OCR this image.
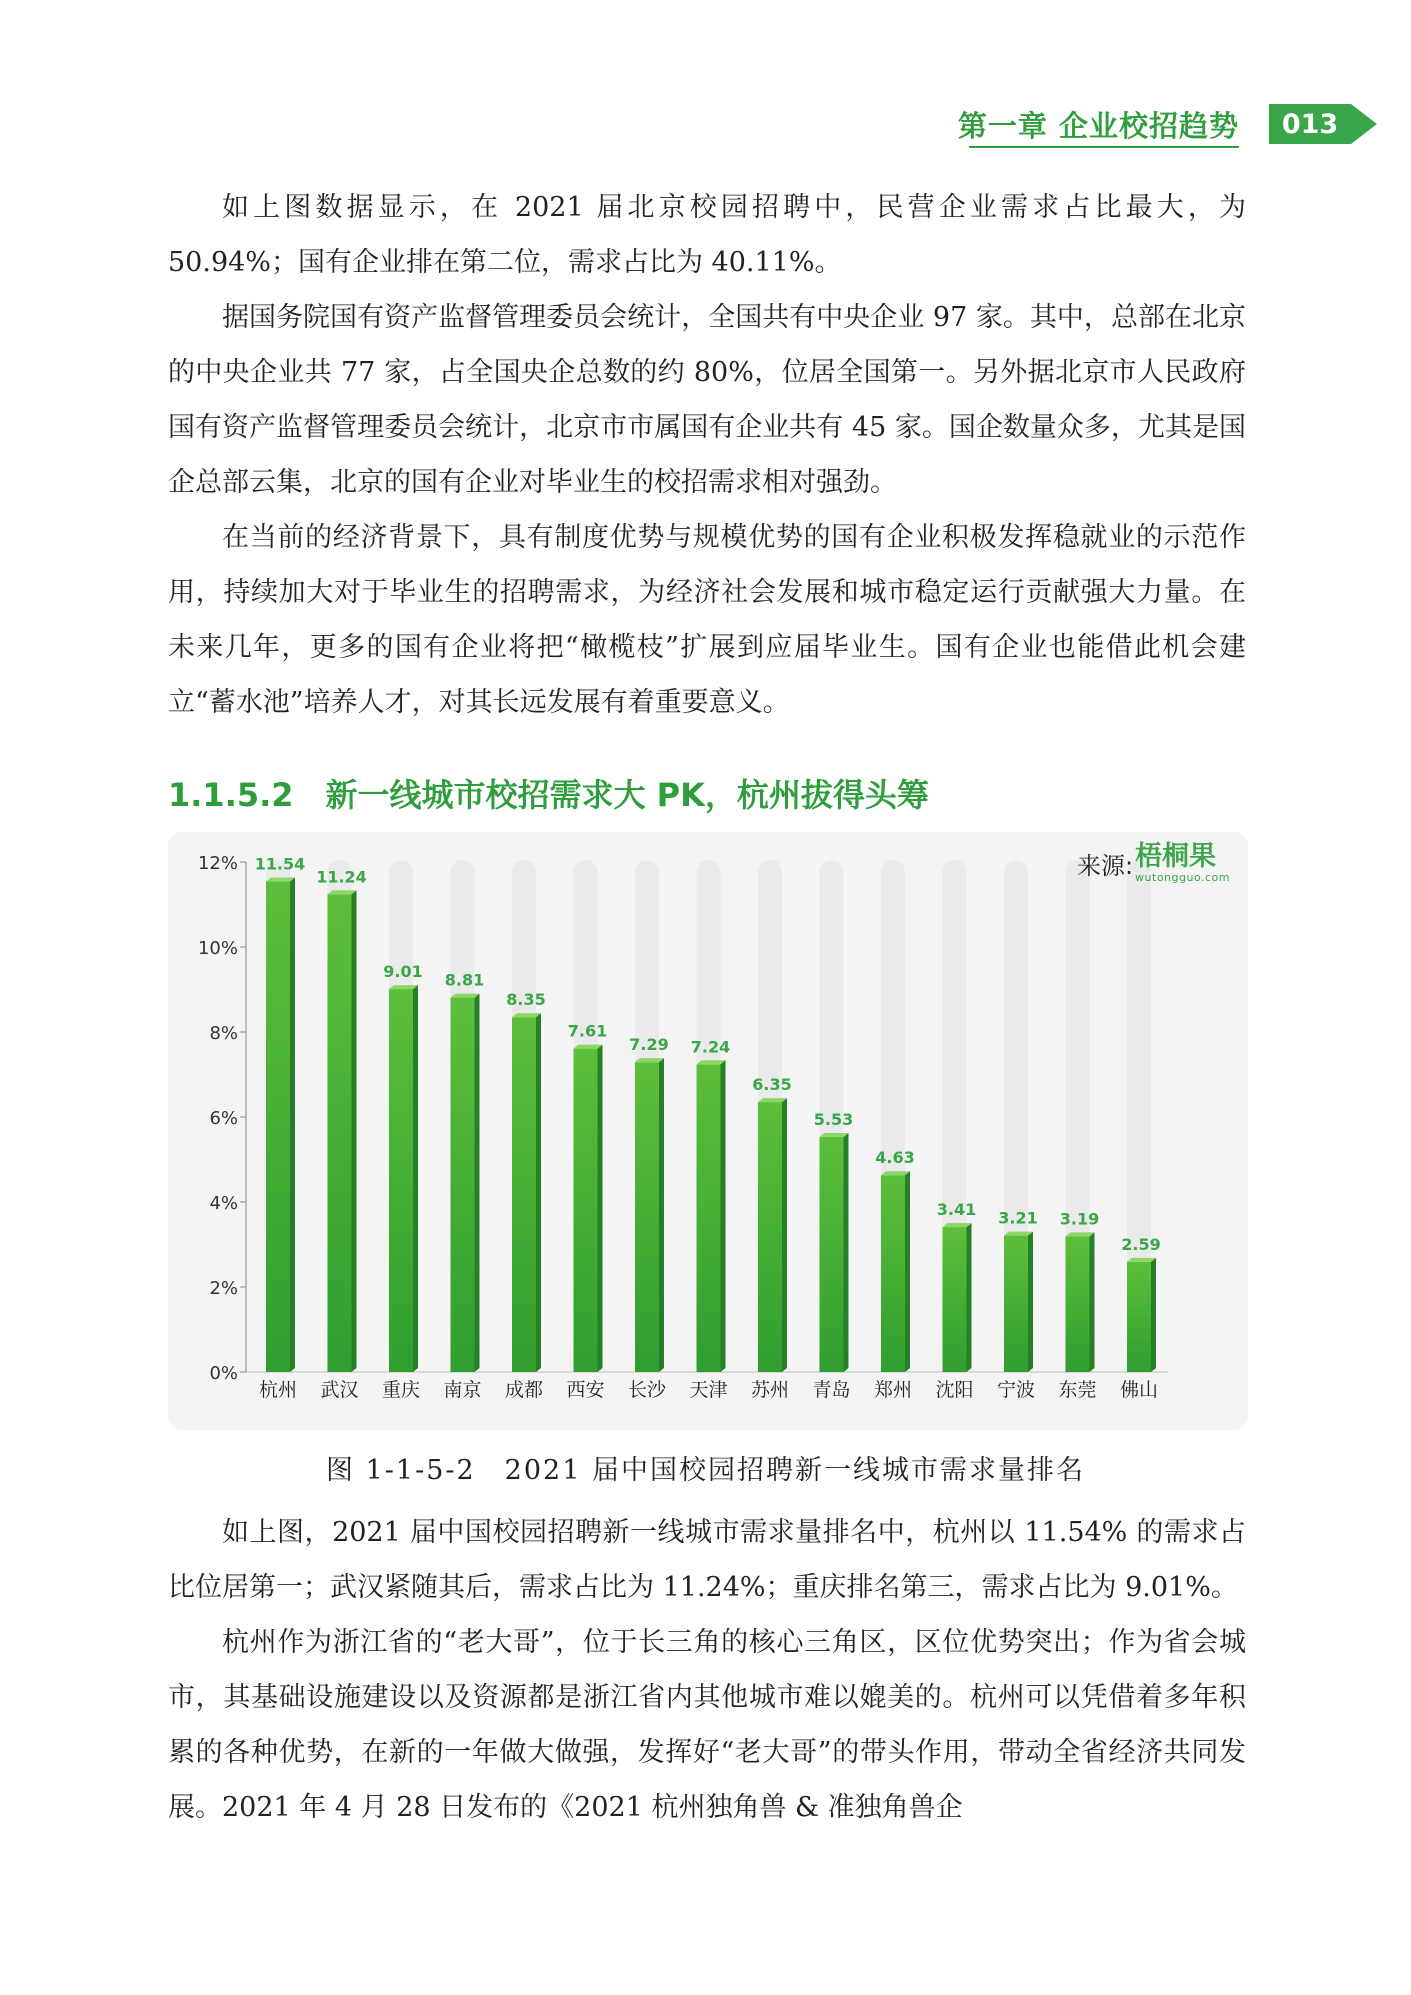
第一章 企业校招趋势	013

如上图数据显示，在 2021 届北京校园招聘中，民营企业需求占比最大，为 50.94%；国有企业排在第二位，需求占比为 40.11%。

据国务院国有资产监督管理委员会统计，全国共有中央企业 97 家。其中，总部在北京的中央企业共 77 家，占全国央企总数的约 80%，位居全国第一。另外据北京市人民政府国有资产监督管理委员会统计，北京市市属国有企业共有 45 家。国企数量众多，尤其是国企总部云集，北京的国有企业对毕业生的校招需求相对强劲。

在当前的经济背景下，具有制度优势与规模优势的国有企业积极发挥稳就业的示范作用，持续加大对于毕业生的招聘需求，为经济社会发展和城市稳定运行贡献强大力量。在未来几年，更多的国有企业将把“橄榄枝”扩展到应届毕业生。国有企业也能借此机会建立“蓄水池”培养人才，对其长远发展有着重要意义。

1.1.5.2　新一线城市校招需求大 PK，杭州拔得头筹
0%
2%
4%
6%
8%
10%
12% 11.54
杭州
11.24
武汉
9.01
重庆
8.81
南京
8.35
成都
7.61
西安
7.29
长沙
7.24
天津
6.35
苏州
5.53
青岛
4.63
郑州
3.41
沈阳
3.21
宁波
3.19
东莞
2.59
佛山
来源: 梧桐果
wutongguo.com

图 1-1-5-2　2021 届中国校园招聘新一线城市需求量排名

如上图，2021 届中国校园招聘新一线城市需求量排名中，杭州以 11.54% 的需求占比位居第一；武汉紧随其后，需求占比为 11.24%；重庆排名第三，需求占比为 9.01%。

杭州作为浙江省的“老大哥”，位于长三角的核心三角区，区位优势突出；作为省会城市，其基础设施建设以及资源都是浙江省内其他城市难以媲美的。杭州可以凭借着多年积累的各种优势，在新的一年做大做强，发挥好“老大哥”的带头作用，带动全省经济共同发展。2021 年 4 月 28 日发布的《2021 杭州独角兽 & 准独角兽企
